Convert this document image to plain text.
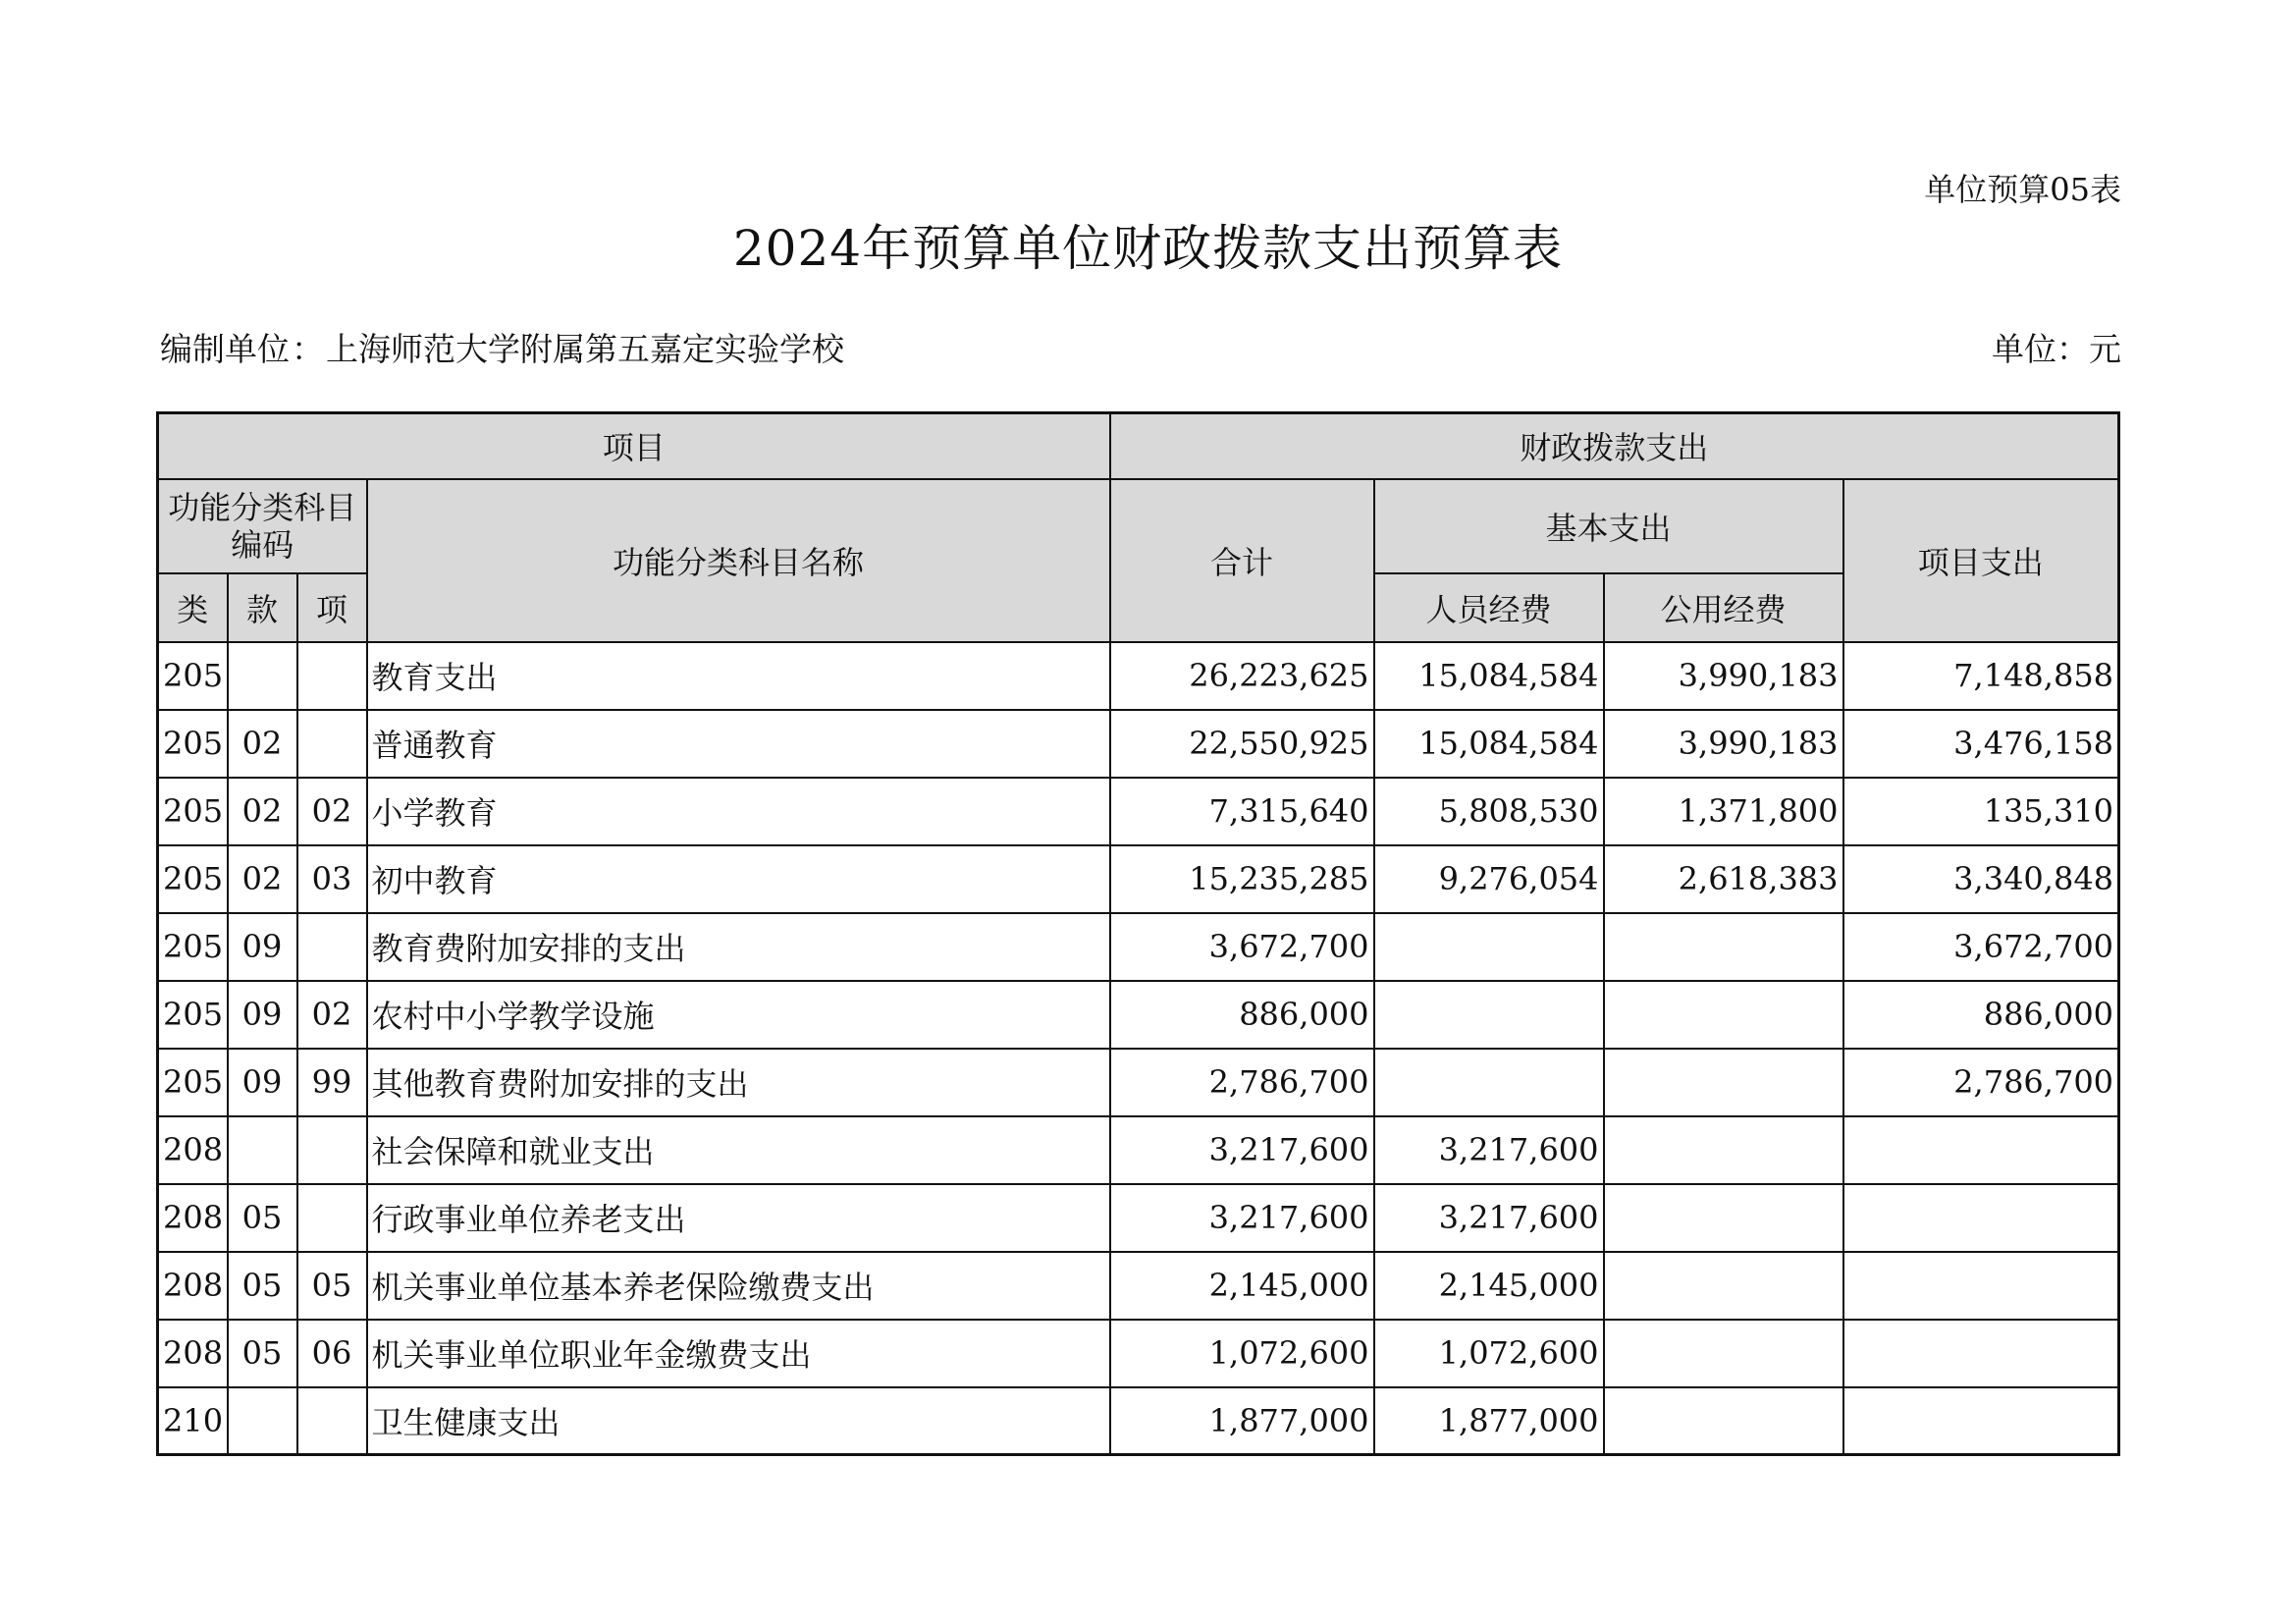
单位预算05表
2024年预算单位财政拨款支出预算表
编制单位：上海师范大学附属第五嘉定实验学校	单位：元
项目				财政拨款支出			
功能分类科目编码			功能分类科目名称	合计	基本支出		项目支出
类	款	项			人员经费	公用经费	
205			教育支出	26,223,625	15,084,584	3,990,183	7,148,858
205	02		普通教育	22,550,925	15,084,584	3,990,183	3,476,158
205	02	02	小学教育	7,315,640	5,808,530	1,371,800	135,310
205	02	03	初中教育	15,235,285	9,276,054	2,618,383	3,340,848
205	09		教育费附加安排的支出	3,672,700			3,672,700
205	09	02	农村中小学教学设施	886,000			886,000
205	09	99	其他教育费附加安排的支出	2,786,700			2,786,700
208			社会保障和就业支出	3,217,600	3,217,600		
208	05		行政事业单位养老支出	3,217,600	3,217,600		
208	05	05	机关事业单位基本养老保险缴费支出	2,145,000	2,145,000		
208	05	06	机关事业单位职业年金缴费支出	1,072,600	1,072,600		
210			卫生健康支出	1,877,000	1,877,000		
